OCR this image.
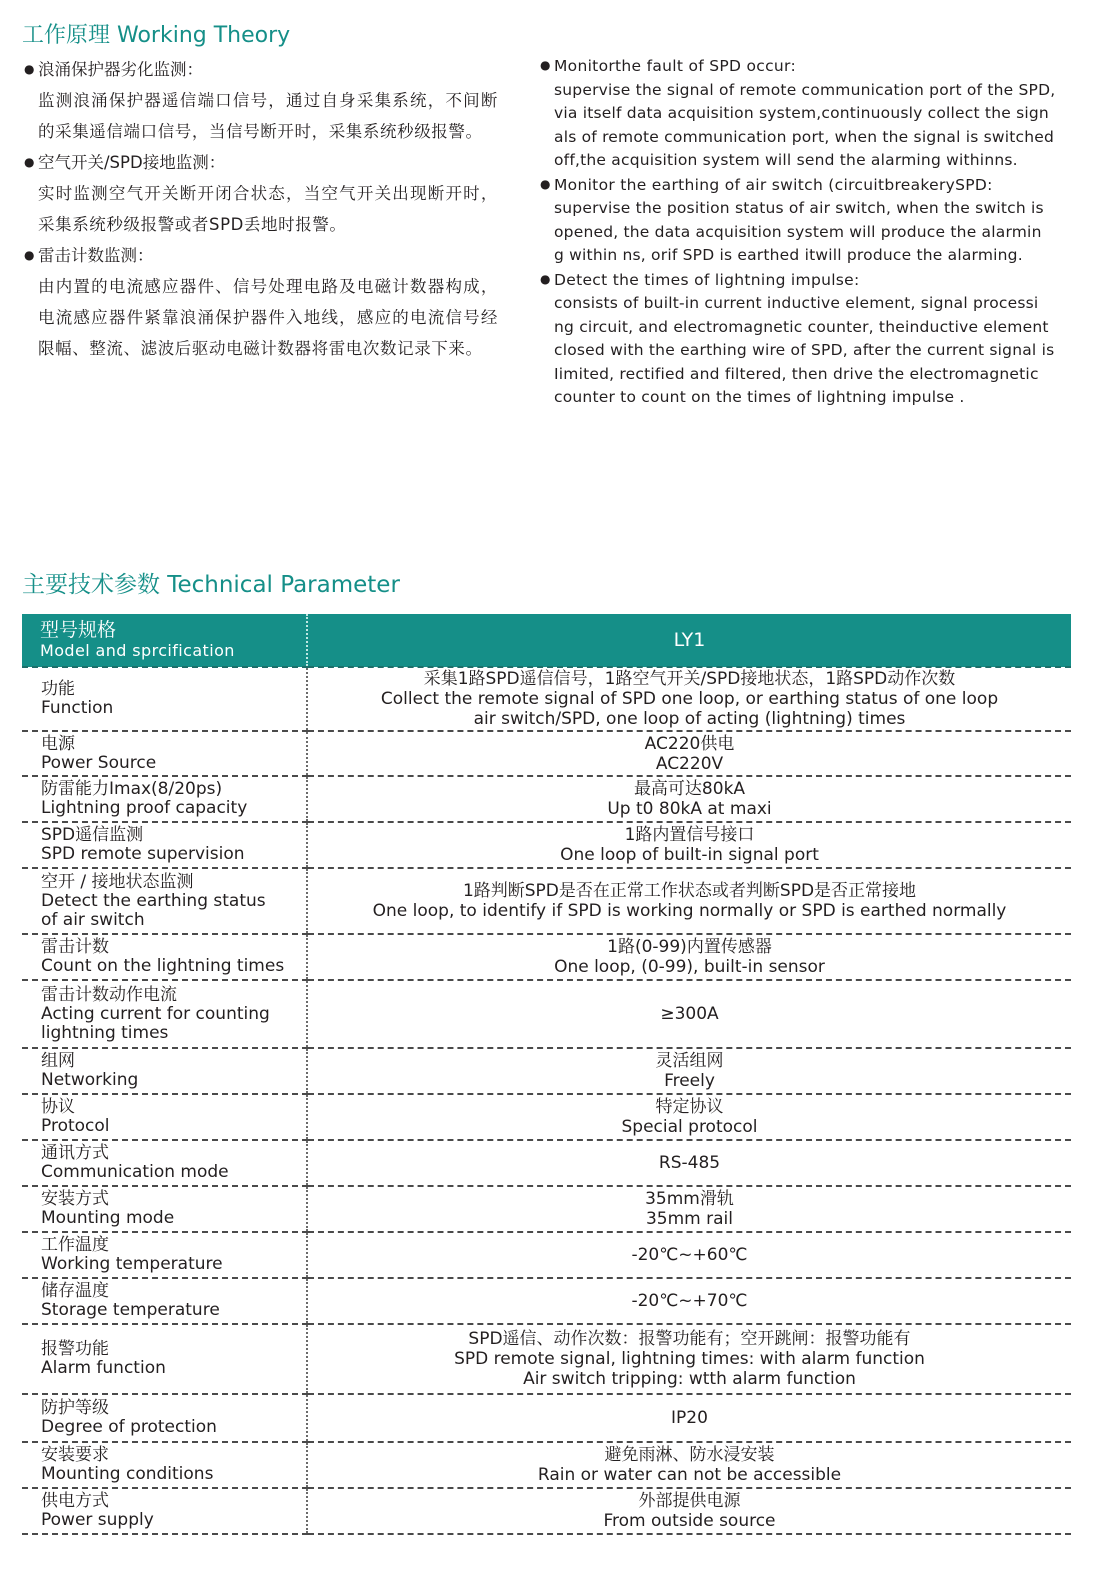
工作原理 Working Theory
● 浪涌保护器劣化监测：
监测浪涌保护器遥信端口信号，通过自身采集系统，不间断的采集遥信端口信号，当信号断开时，采集系统秒级报警。
● 空气开关/SPD接地监测：
实时监测空气开关断开闭合状态，当空气开关出现断开时，采集系统秒级报警或者SPD丢地时报警。
● 雷击计数监测：
由内置的电流感应器件、信号处理电路及电磁计数器构成，电流感应器件紧靠浪涌保护器件入地线，感应的电流信号经限幅、整流、滤波后驱动电磁计数器将雷电次数记录下来。
● Monitorthe fault of SPD occur:
supervise the signal of remote communication port of the SPD,
via itself data acquisition system,continuously collect the sign
als of remote communication port, when the signal is switched
off,the acquisition system will send the alarming withinns.
● Monitor the earthing of air switch (circuitbreakerySPD:
supervise the position status of air switch, when the switch is
opened, the data acquisition system will produce the alarmin
g within ns, orif SPD is earthed itwill produce the alarming.
● Detect the times of lightning impulse:
consists of built-in current inductive element, signal processi
ng circuit, and electromagnetic counter, theinductive element
closed with the earthing wire of SPD, after the current signal is
Iimited, rectified and filtered, then drive the electromagnetic
counter to count on the times of lightning impulse .
主要技术参数 Technical Parameter
型号规格
Model and sprcification	LY1

功能
Function	采集1路SPD遥信信号，1路空气开关/SPD接地状态，1路SPD动作次数
Collect the remote signal of SPD one loop, or earthing status of one loop
air switch/SPD, one loop of acting (lightning) times

电源
Power Source	AC220供电
AC220V

防雷能力Imax(8/20ps)
Lightning proof capacity	最高可达80kA
Up t0 80kA at maxi

SPD遥信监测
SPD remote supervision	1路内置信号接口
One loop of built-in signal port

空开 / 接地状态监测
Detect the earthing status
of air switch	1路判断SPD是否在正常工作状态或者判断SPD是否正常接地
One loop, to identify if SPD is working normally or SPD is earthed normally

雷击计数
Count on the lightning times	1路(0-99)内置传感器
One loop, (0-99), built-in sensor

雷击计数动作电流
Acting current for counting
lightning times	≥300A

组网
Networking	灵活组网
Freely

协议
Protocol	特定协议
Special protocol

通讯方式
Communication mode	RS-485

安装方式
Mounting mode	35mm滑轨
35mm rail

工作温度
Working temperature	-20℃~+60℃

储存温度
Storage temperature	-20℃~+70℃

报警功能
Alarm function	SPD遥信、动作次数：报警功能有；空开跳闸：报警功能有
SPD remote signal, lightning times: with alarm function
Air switch tripping: wtth alarm function

防护等级
Degree of protection	IP20

安装要求
Mounting conditions	避免雨淋、防水浸安装
Rain or water can not be accessible

供电方式
Power supply	外部提供电源
From outside source
